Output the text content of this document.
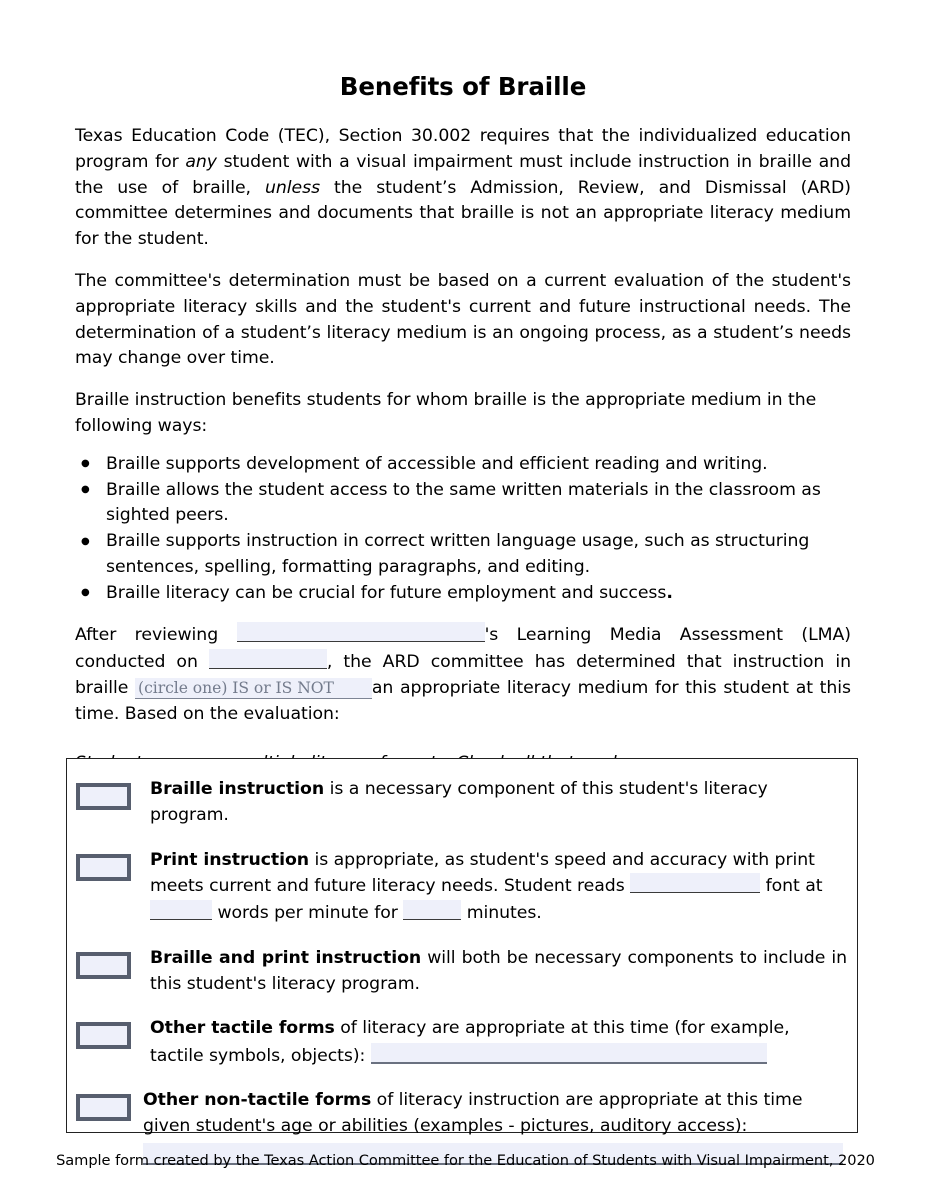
Benefits of Braille

Texas Education Code (TEC), Section 30.002 requires that the individualized education program for any student with a visual impairment must include instruction in braille and the use of braille, unless the student’s Admission, Review, and Dismissal (ARD) committee determines and documents that braille is not an appropriate literacy medium for the student.

The committee's determination must be based on a current evaluation of the student's appropriate literacy skills and the student's current and future instructional needs. The determination of a student’s literacy medium is an ongoing process, as a student’s needs may change over time.

Braille instruction benefits students for whom braille is the appropriate medium in the following ways:

● Braille supports development of accessible and efficient reading and writing.
● Braille allows the student access to the same written materials in the classroom as sighted peers.
● Braille supports instruction in correct written language usage, such as structuring sentences, spelling, formatting paragraphs, and editing.
● Braille literacy can be crucial for future employment and success.

After reviewing	's Learning Media Assessment (LMA) conducted on	, the ARD committee has determined that instruction in braille (circle one) IS or IS NOT an appropriate literacy medium for this student at this time. Based on the evaluation:

Braille instruction is a necessary component of this student's literacy program.
Print instruction is appropriate, as student's speed and accuracy with print meets current and future literacy needs. Student reads	font at  words per minute for	minutes.
Braille and print instruction will both be necessary components to include in this student's literacy program.
Other tactile forms of literacy are appropriate at this time (for example, tactile symbols, objects):
Other non-tactile forms of literacy instruction are appropriate at this time given student's age or abilities (examples - pictures, auditory access):
Sample form created by the Texas Action Committee for the Education of Students with Visual Impairment, 2020
